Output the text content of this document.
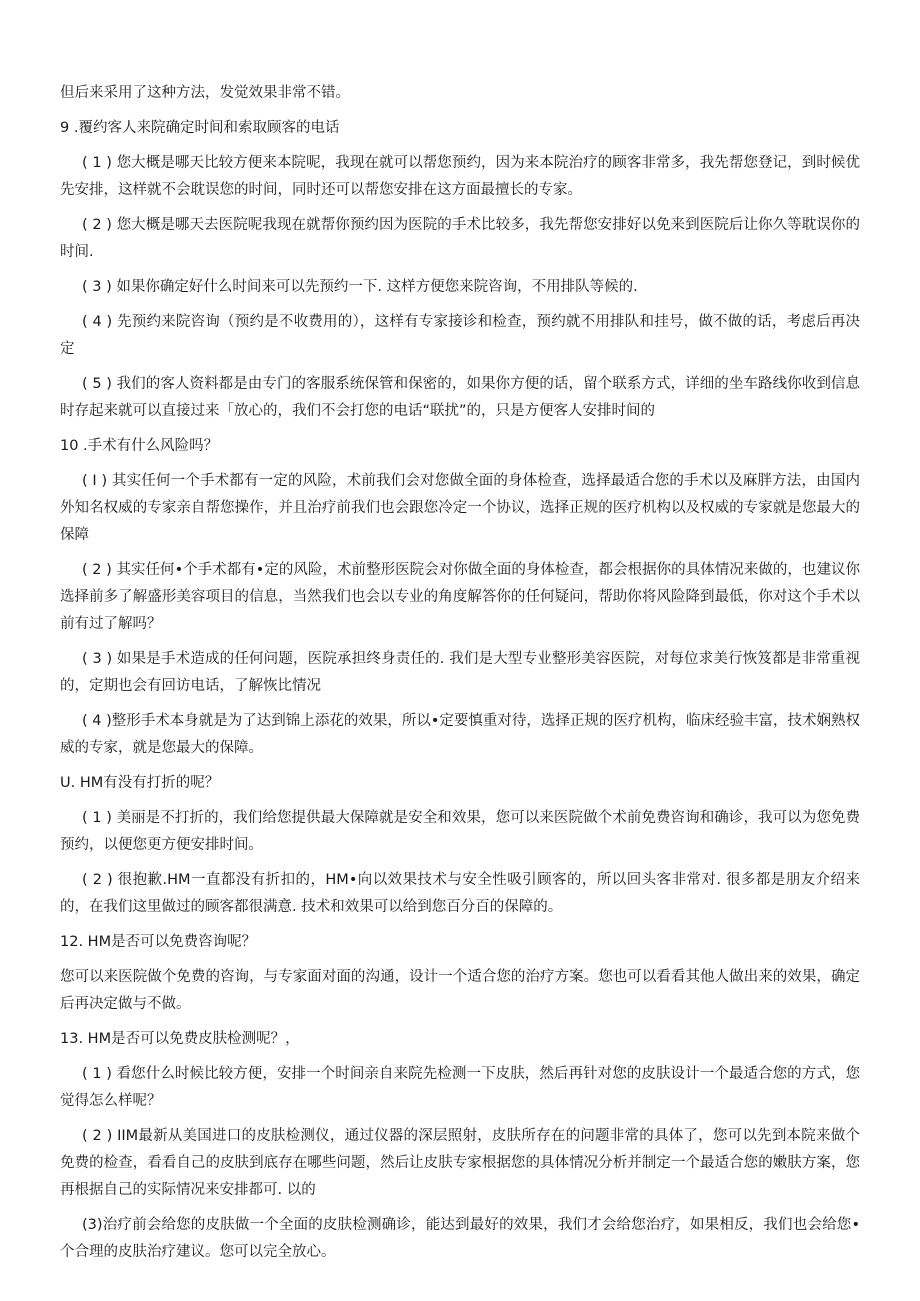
但后来采用了这种方法，发觉效果非常不错。

9 .覆约客人来院确定时间和索取顾客的电话

( 1 ) 您大概是哪天比较方便来本院呢，我现在就可以帮您预约，因为来本院治疗的顾客非常多，我先帮您登记，到时候优先安排，这样就不会耽误您的时间，同时还可以帮您安排在这方面最擅长的专家。

( 2 ) 您大概是哪天去医院呢我现在就帮你预约因为医院的手术比较多，我先帮您安排好以免来到医院后让你久等耽误你的时间.

( 3 ) 如果你确定好什么时间来可以先预约一下. 这样方便您来院咨询，不用排队等候的.

( 4 ) 先预约来院咨询（预约是不收费用的），这样有专家接诊和检查，预约就不用排队和挂号，做不做的话，考虑后再决定

( 5 ) 我们的客人资料都是由专门的客服系统保管和保密的，如果你方便的话，留个联系方式，详细的坐车路线你收到信息时存起来就可以直接过来「放心的，我们不会打您的电话“联扰”的，只是方便客人安排时间的

10 .手术有什么风险吗？

( I ) 其实任何一个手术都有一定的风险，术前我们会对您做全面的身体检查，选择最适合您的手术以及麻胖方法，由国内外知名权威的专家亲自帮您操作，并且治疗前我们也会跟您冷定一个协议，选择正规的医疗机构以及权威的专家就是您最大的保障

( 2 ) 其实任何•个手术都有•定的风险，术前整形医院会对你做全面的身体检查，都会根据你的具体情况来做的，也建议你选择前多了解盛形美容项目的信息，当然我们也会以专业的角度解答你的任何疑问，帮助你将风险降到最低，你对这个手术以前有过了解吗？

( 3 ) 如果是手术造成的任何问题，医院承担终身责任的. 我们是大型专业整形美容医院，对每位求美行恢笈都是非常重视的，定期也会有回访电话，了解恢比情况

( 4 )整形手术本身就是为了达到锦上添花的效果，所以•定要慎重对待，选择正规的医疗机构，临床经验丰富，技术娴熟权威的专家，就是您最大的保障。

U. HM有没有打折的呢？

( 1 ) 美丽是不打折的，我们给您提供最大保障就是安全和效果，您可以来医院做个术前免费咨询和确诊，我可以为您免费预约，以便您更方便安排时间。

( 2 ) 很抱歉.HM一直都没有折扣的，HM•向以效果技术与安全性吸引顾客的，所以回头客非常对. 很多都是朋友介绍来的，在我们这里做过的顾客都很满意. 技术和效果可以给到您百分百的保障的。

12. HM是否可以免费咨询呢？

您可以来医院做个免费的咨询，与专家面对面的沟通，设计一个适合您的治疗方案。您也可以看看其他人做出来的效果，确定后再决定做与不做。

13. HM是否可以免费皮肤检测呢？，

( 1 ) 看您什么时候比较方便，安排一个时间亲自来院先检测一下皮肤，然后再针对您的皮肤设计一个最适合您的方式，您觉得怎么样呢？

( 2 ) IIM最新从美国进口的皮肤检测仪，通过仪器的深层照射，皮肤所存在的问题非常的具体了，您可以先到本院来做个免费的检查，看看自己的皮肤到底存在哪些问题，然后让皮肤专家根据您的具体情况分析并制定一个最适合您的嫩肤方案，您再根据自己的实际情况来安排都可. 以的

(3)治疗前会给您的皮肤做一个全面的皮肤检测确诊，能达到最好的效果，我们才会给您治疗，如果相反，我们也会给您•个合理的皮肤治疗建议。您可以完全放心。
